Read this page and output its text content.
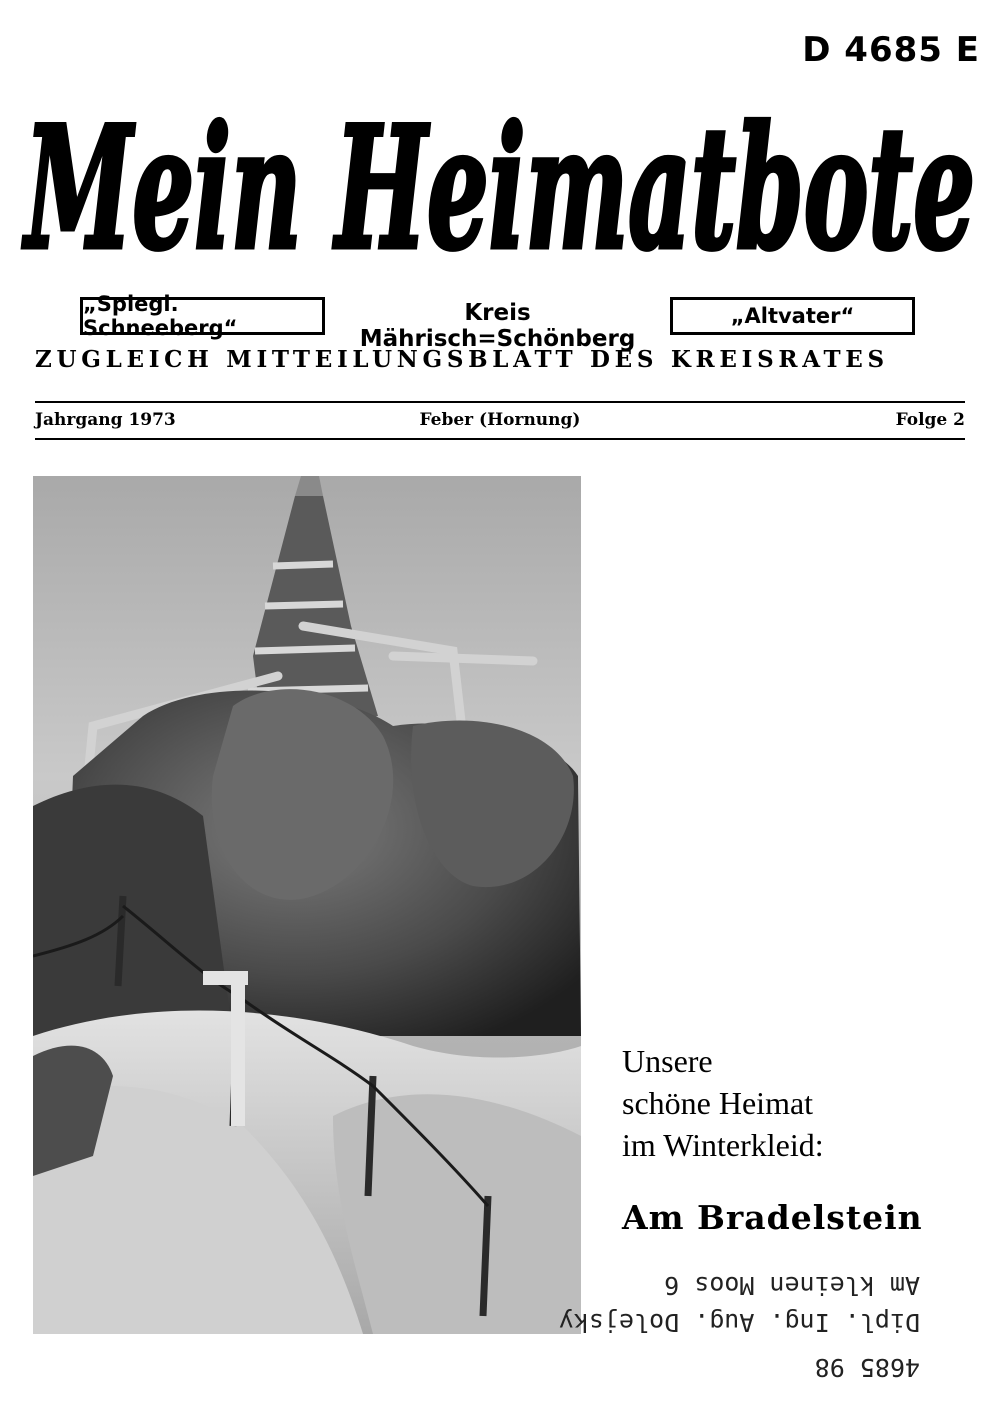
D 4685 E
Mein Heimatbote
„Spiegl. Schneeberg“
Kreis Mährisch=Schönberg
„Altvater“
ZUGLEICH MITTEILUNGSBLATT DES KREISRATES
Jahrgang 1973	Feber (Hornung)	Folge 2
Unsere
schöne Heimat
im Winterkleid:
Am Bradelstein
4685 98
Dipl. Ing. Aug. Dolejsky
Am kleinen Moos 6
